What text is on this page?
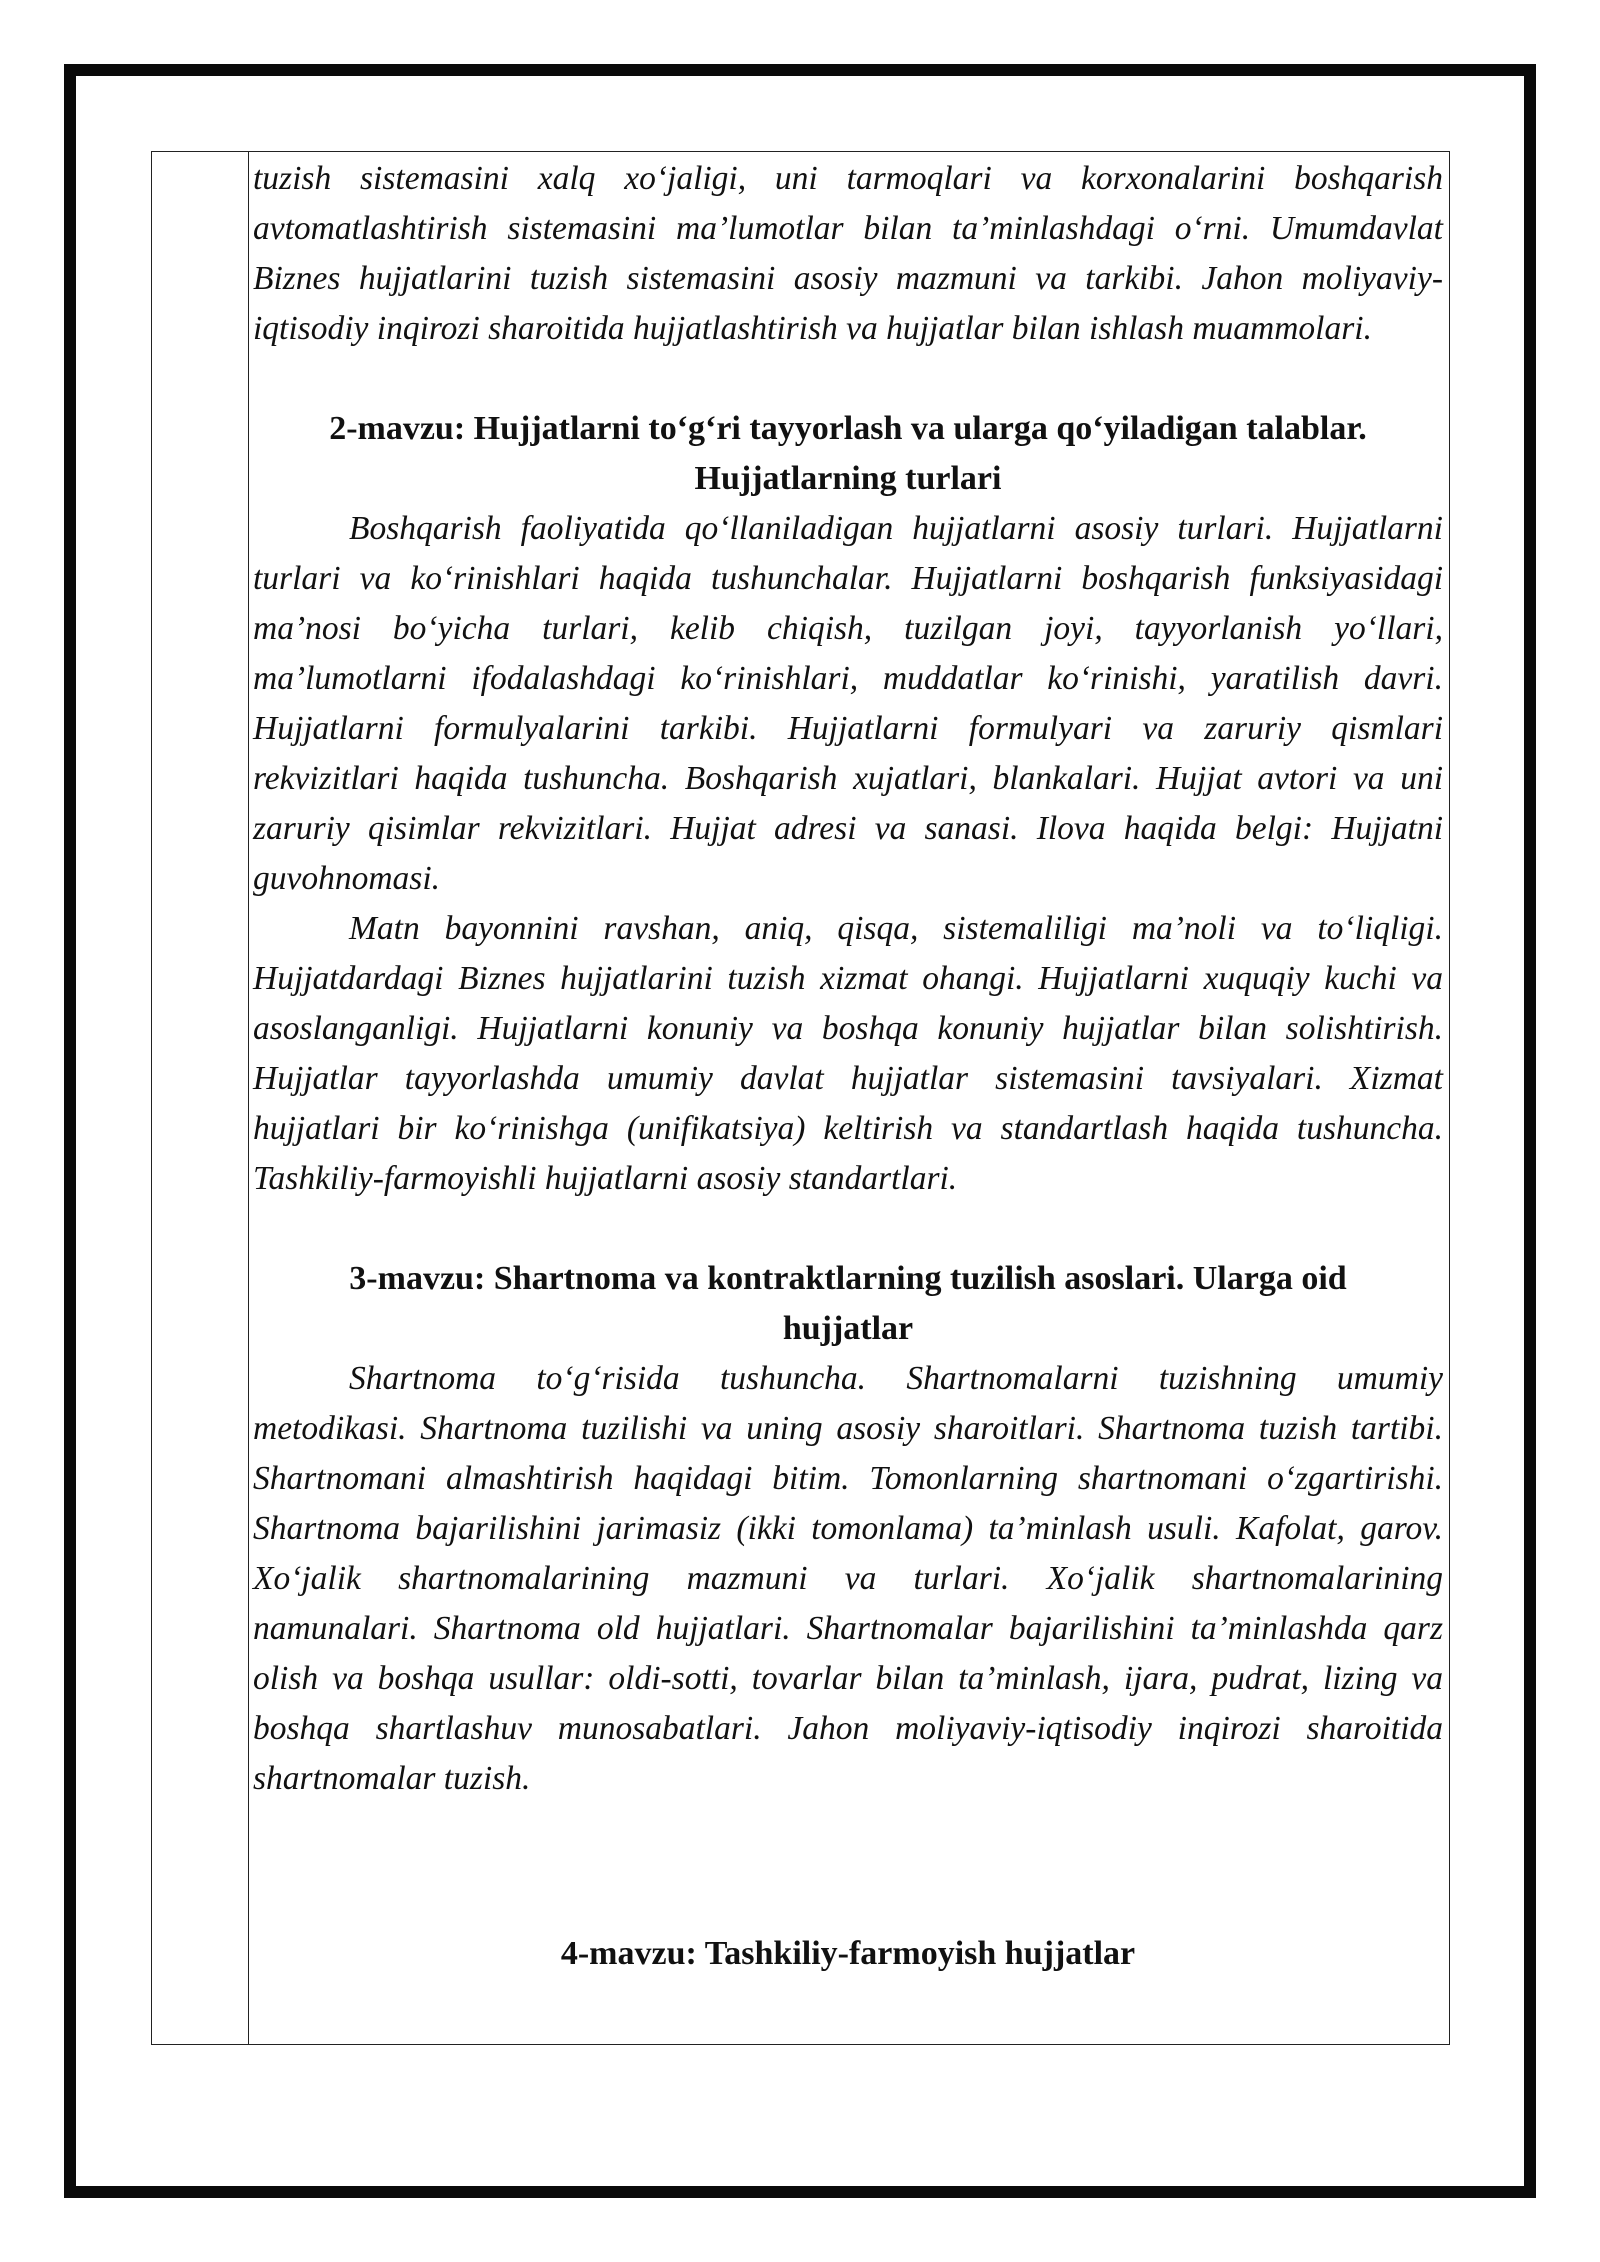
tuzish sistemasini xalq xo‘jaligi, uni tarmoqlari va korxonalarini boshqarish avtomatlashtirish sistemasini ma’lumotlar bilan ta’minlashdagi o‘rni. Umumdavlat Biznes hujjatlarini tuzish sistemasini asosiy mazmuni va tarkibi. Jahon moliyaviy-iqtisodiy inqirozi sharoitida hujjatlashtirish va hujjatlar bilan ishlash muammolari.

2-mavzu: Hujjatlarni to‘g‘ri tayyorlash va ularga qo‘yiladigan talablar.

Hujjatlarning turlari

Boshqarish faoliyatida qo‘llaniladigan hujjatlarni asosiy turlari. Hujjatlarni turlari va ko‘rinishlari haqida tushunchalar. Hujjatlarni boshqarish funksiyasidagi ma’nosi bo‘yicha turlari, kelib chiqish, tuzilgan joyi, tayyorlanish yo‘llari, ma’lumotlarni ifodalashdagi ko‘rinishlari, muddatlar ko‘rinishi, yaratilish davri. Hujjatlarni formulyalarini tarkibi. Hujjatlarni formulyari va zaruriy qismlari rekvizitlari haqida tushuncha. Boshqarish xujatlari, blankalari. Hujjat avtori va uni zaruriy qisimlar rekvizitlari. Hujjat adresi va sanasi. Ilova haqida belgi: Hujjatni guvohnomasi.

Matn bayonnini ravshan, aniq, qisqa, sistemaliligi ma’noli va to‘liqligi. Hujjatdardagi Biznes hujjatlarini tuzish xizmat ohangi. Hujjatlarni xuquqiy kuchi va asoslanganligi. Hujjatlarni konuniy va boshqa konuniy hujjatlar bilan solishtirish. Hujjatlar tayyorlashda umumiy davlat hujjatlar sistemasini tavsiyalari. Xizmat hujjatlari bir ko‘rinishga (unifikatsiya) keltirish va standartlash haqida tushuncha. Tashkiliy-farmoyishli hujjatlarni asosiy standartlari.

3-mavzu: Shartnoma va kontraktlarning tuzilish asoslari. Ularga oid

hujjatlar

Shartnoma to‘g‘risida tushuncha. Shartnomalarni tuzishning umumiy metodikasi. Shartnoma tuzilishi va uning asosiy sharoitlari. Shartnoma tuzish tartibi. Shartnomani almashtirish haqidagi bitim. Tomonlarning shartnomani o‘zgartirishi. Shartnoma bajarilishini jarimasiz (ikki tomonlama) ta’minlash usuli. Kafolat, garov. Xo‘jalik shartnomalarining mazmuni va turlari. Xo‘jalik shartnomalarining namunalari. Shartnoma old hujjatlari. Shartnomalar bajarilishini ta’minlashda qarz olish va boshqa usullar: oldi-sotti, tovarlar bilan ta’minlash, ijara, pudrat, lizing va boshqa shartlashuv munosabatlari. Jahon moliyaviy-iqtisodiy inqirozi sharoitida shartnomalar tuzish.

4-mavzu: Tashkiliy-farmoyish hujjatlar
